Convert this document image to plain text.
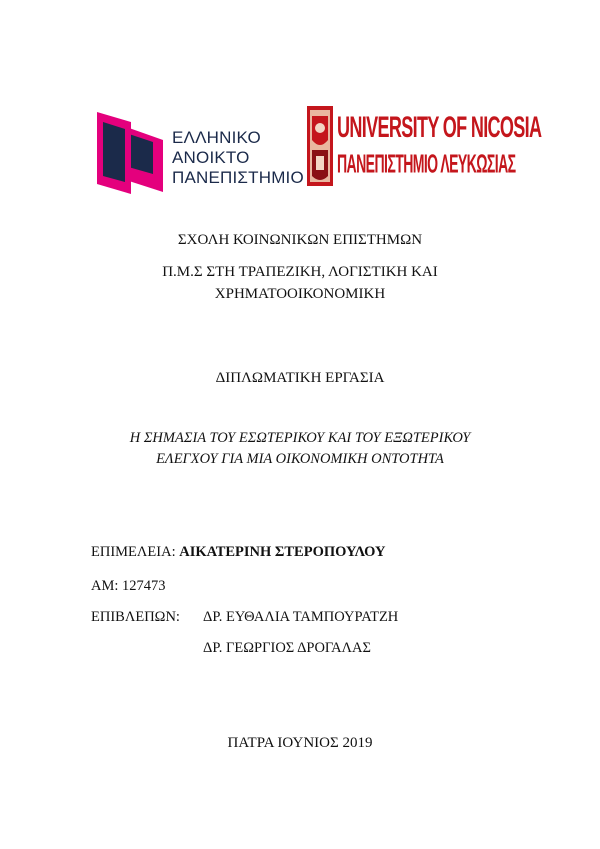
ΕΛΛΗΝΙΚΟ
ΑΝΟΙΚΤΟ
ΠΑΝΕΠΙΣΤΗΜΙΟ
UNIVERSITY OF NICOSIA
ΠΑΝΕΠΙΣΤΗΜΙΟ ΛΕΥΚΩΣΙΑΣ
ΣΧΟΛΗ ΚΟΙΝΩΝΙΚΩΝ ΕΠΙΣΤΗΜΩΝ
Π.Μ.Σ ΣΤΗ ΤΡΑΠΕΖΙΚΗ, ΛΟΓΙΣΤΙΚΗ ΚΑΙ
ΧΡΗΜΑΤΟΟΙΚΟΝΟΜΙΚΗ
ΔΙΠΛΩΜΑΤΙΚΗ ΕΡΓΑΣΙΑ
Η ΣΗΜΑΣΙΑ ΤΟΥ ΕΣΩΤΕΡΙΚΟΥ ΚΑΙ ΤΟΥ ΕΞΩΤΕΡΙΚΟΥ
ΕΛΕΓΧΟΥ ΓΙΑ ΜΙΑ ΟΙΚΟΝΟΜΙΚΗ ΟΝΤΟΤΗΤΑ
ΕΠΙΜΕΛΕΙΑ: ΑΙΚΑΤΕΡΙΝΗ ΣΤΕΡΟΠΟΥΛΟΥ
ΑΜ: 127473
ΕΠΙΒΛΕΠΩΝ: ΔΡ. ΕΥΘΑΛΙΑ ΤΑΜΠΟΥΡΑΤΖΗ
ΔΡ. ΓΕΩΡΓΙΟΣ ΔΡΟΓΑΛΑΣ
ΠΑΤΡΑ ΙΟΥΝΙΟΣ 2019
